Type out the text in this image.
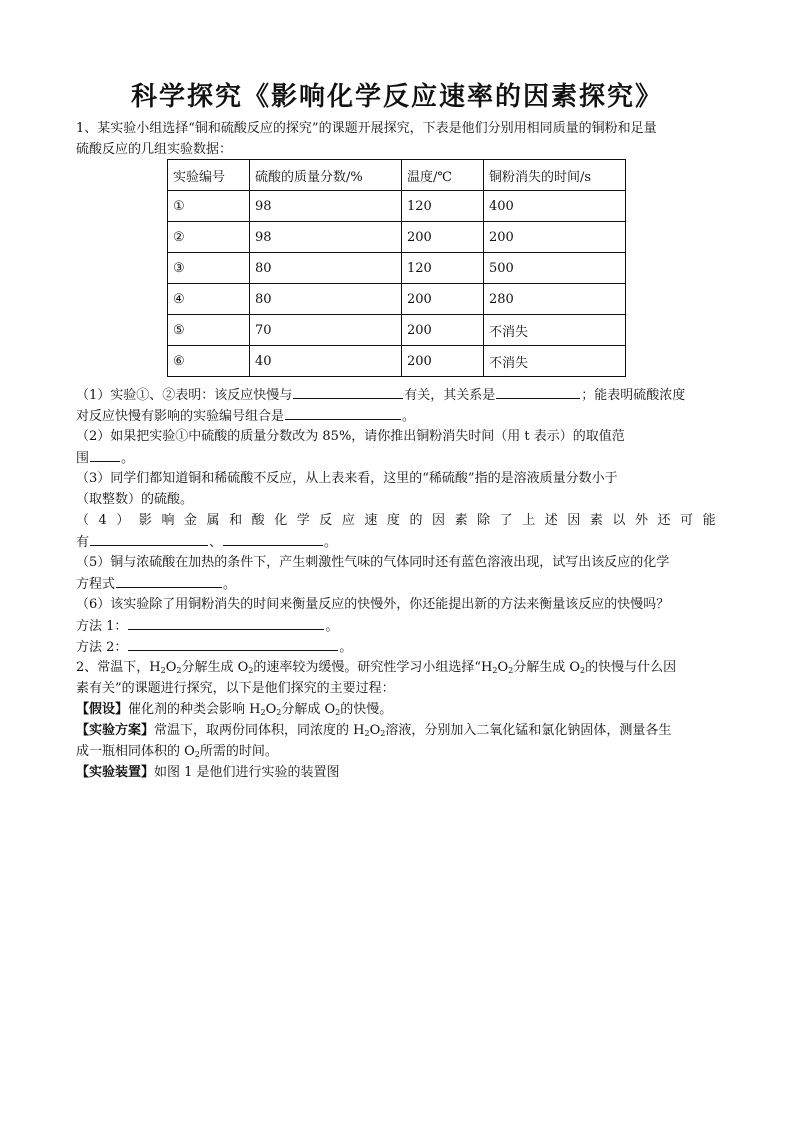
科学探究《影响化学反应速率的因素探究》
1、某实验小组选择“铜和硫酸反应的探究”的课题开展探究，下表是他们分别用相同质量的铜粉和足量
硫酸反应的几组实验数据：
实验编号	硫酸的质量分数/%	温度/℃	铜粉消失的时间/s
①	98	120	400
②	98	200	200
③	80	120	500
④	80	200	280
⑤	70	200	不消失
⑥	40	200	不消失
（1）实验①、②表明：该反应快慢与	有关，其关系是	；能表明硫酸浓度
对反应快慢有影响的实验编号组合是	。
（2）如果把实验①中硫酸的质量分数改为 85%，请你推出铜粉消失时间（用 t 表示）的取值范
围 。
（3）同学们都知道铜和稀硫酸不反应，从上表来看，这里的“稀硫酸”指的是溶液质量分数小于
（取整数）的硫酸。
（ 4 ） 影 响 金 属 和 酸 化 学 反 应 速 度 的 因 素 除 了 上 述 因 素 以 外 还 可 能
有	、	。
（5）铜与浓硫酸在加热的条件下，产生刺激性气味的气体同时还有蓝色溶液出现，试写出该反应的化学
方程式	。
（6）该实验除了用铜粉消失的时间来衡量反应的快慢外，你还能提出新的方法来衡量该反应的快慢吗？
方法 1：	。
方法 2：	。
2、常温下，$H_2O_2$分解生成 $O_2$的速率较为缓慢。研究性学习小组选择“$H_2O_2$分解生成 $O_2$的快慢与什么因
素有关”的课题进行探究，以下是他们探究的主要过程：
【假设】催化剂的种类会影响 $H_2O_2$分解成 $O_2$的快慢。
【实验方案】常温下，取两份同体积，同浓度的 $H_2O_2$溶液，分别加入二氧化锰和氯化钠固体，测量各生
成一瓶相同体积的 $O_2$所需的时间。
【实验装置】如图 1 是他们进行实验的装置图
